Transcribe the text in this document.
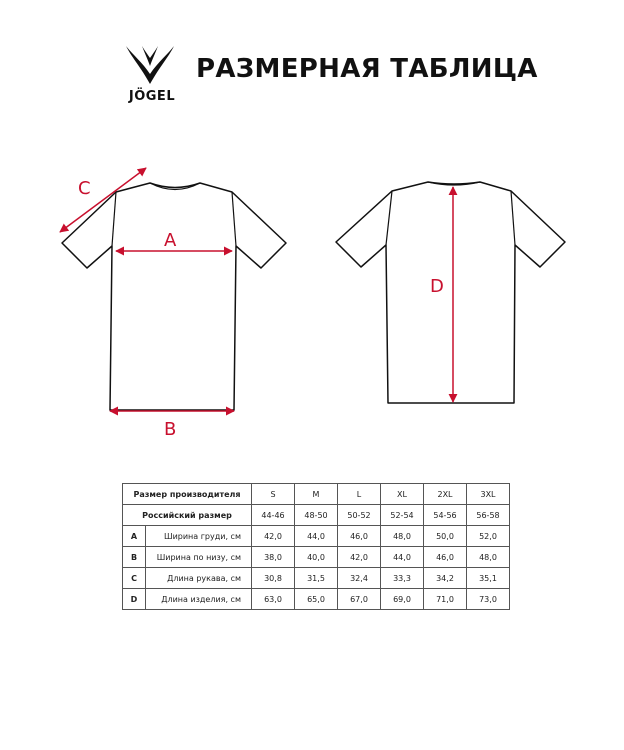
JÖGEL
РАЗМЕРНАЯ ТАБЛИЦА
A
B
C
D
Размер производителя		S	M	L	XL	2XL	3XL
Российский размер		44-46	48-50	50-52	52-54	54-56	56-58
A	Ширина груди, см	42,0	44,0	46,0	48,0	50,0	52,0
B	Ширина по низу, см	38,0	40,0	42,0	44,0	46,0	48,0
C	Длина рукава, см	30,8	31,5	32,4	33,3	34,2	35,1
D	Длина изделия, см	63,0	65,0	67,0	69,0	71,0	73,0
